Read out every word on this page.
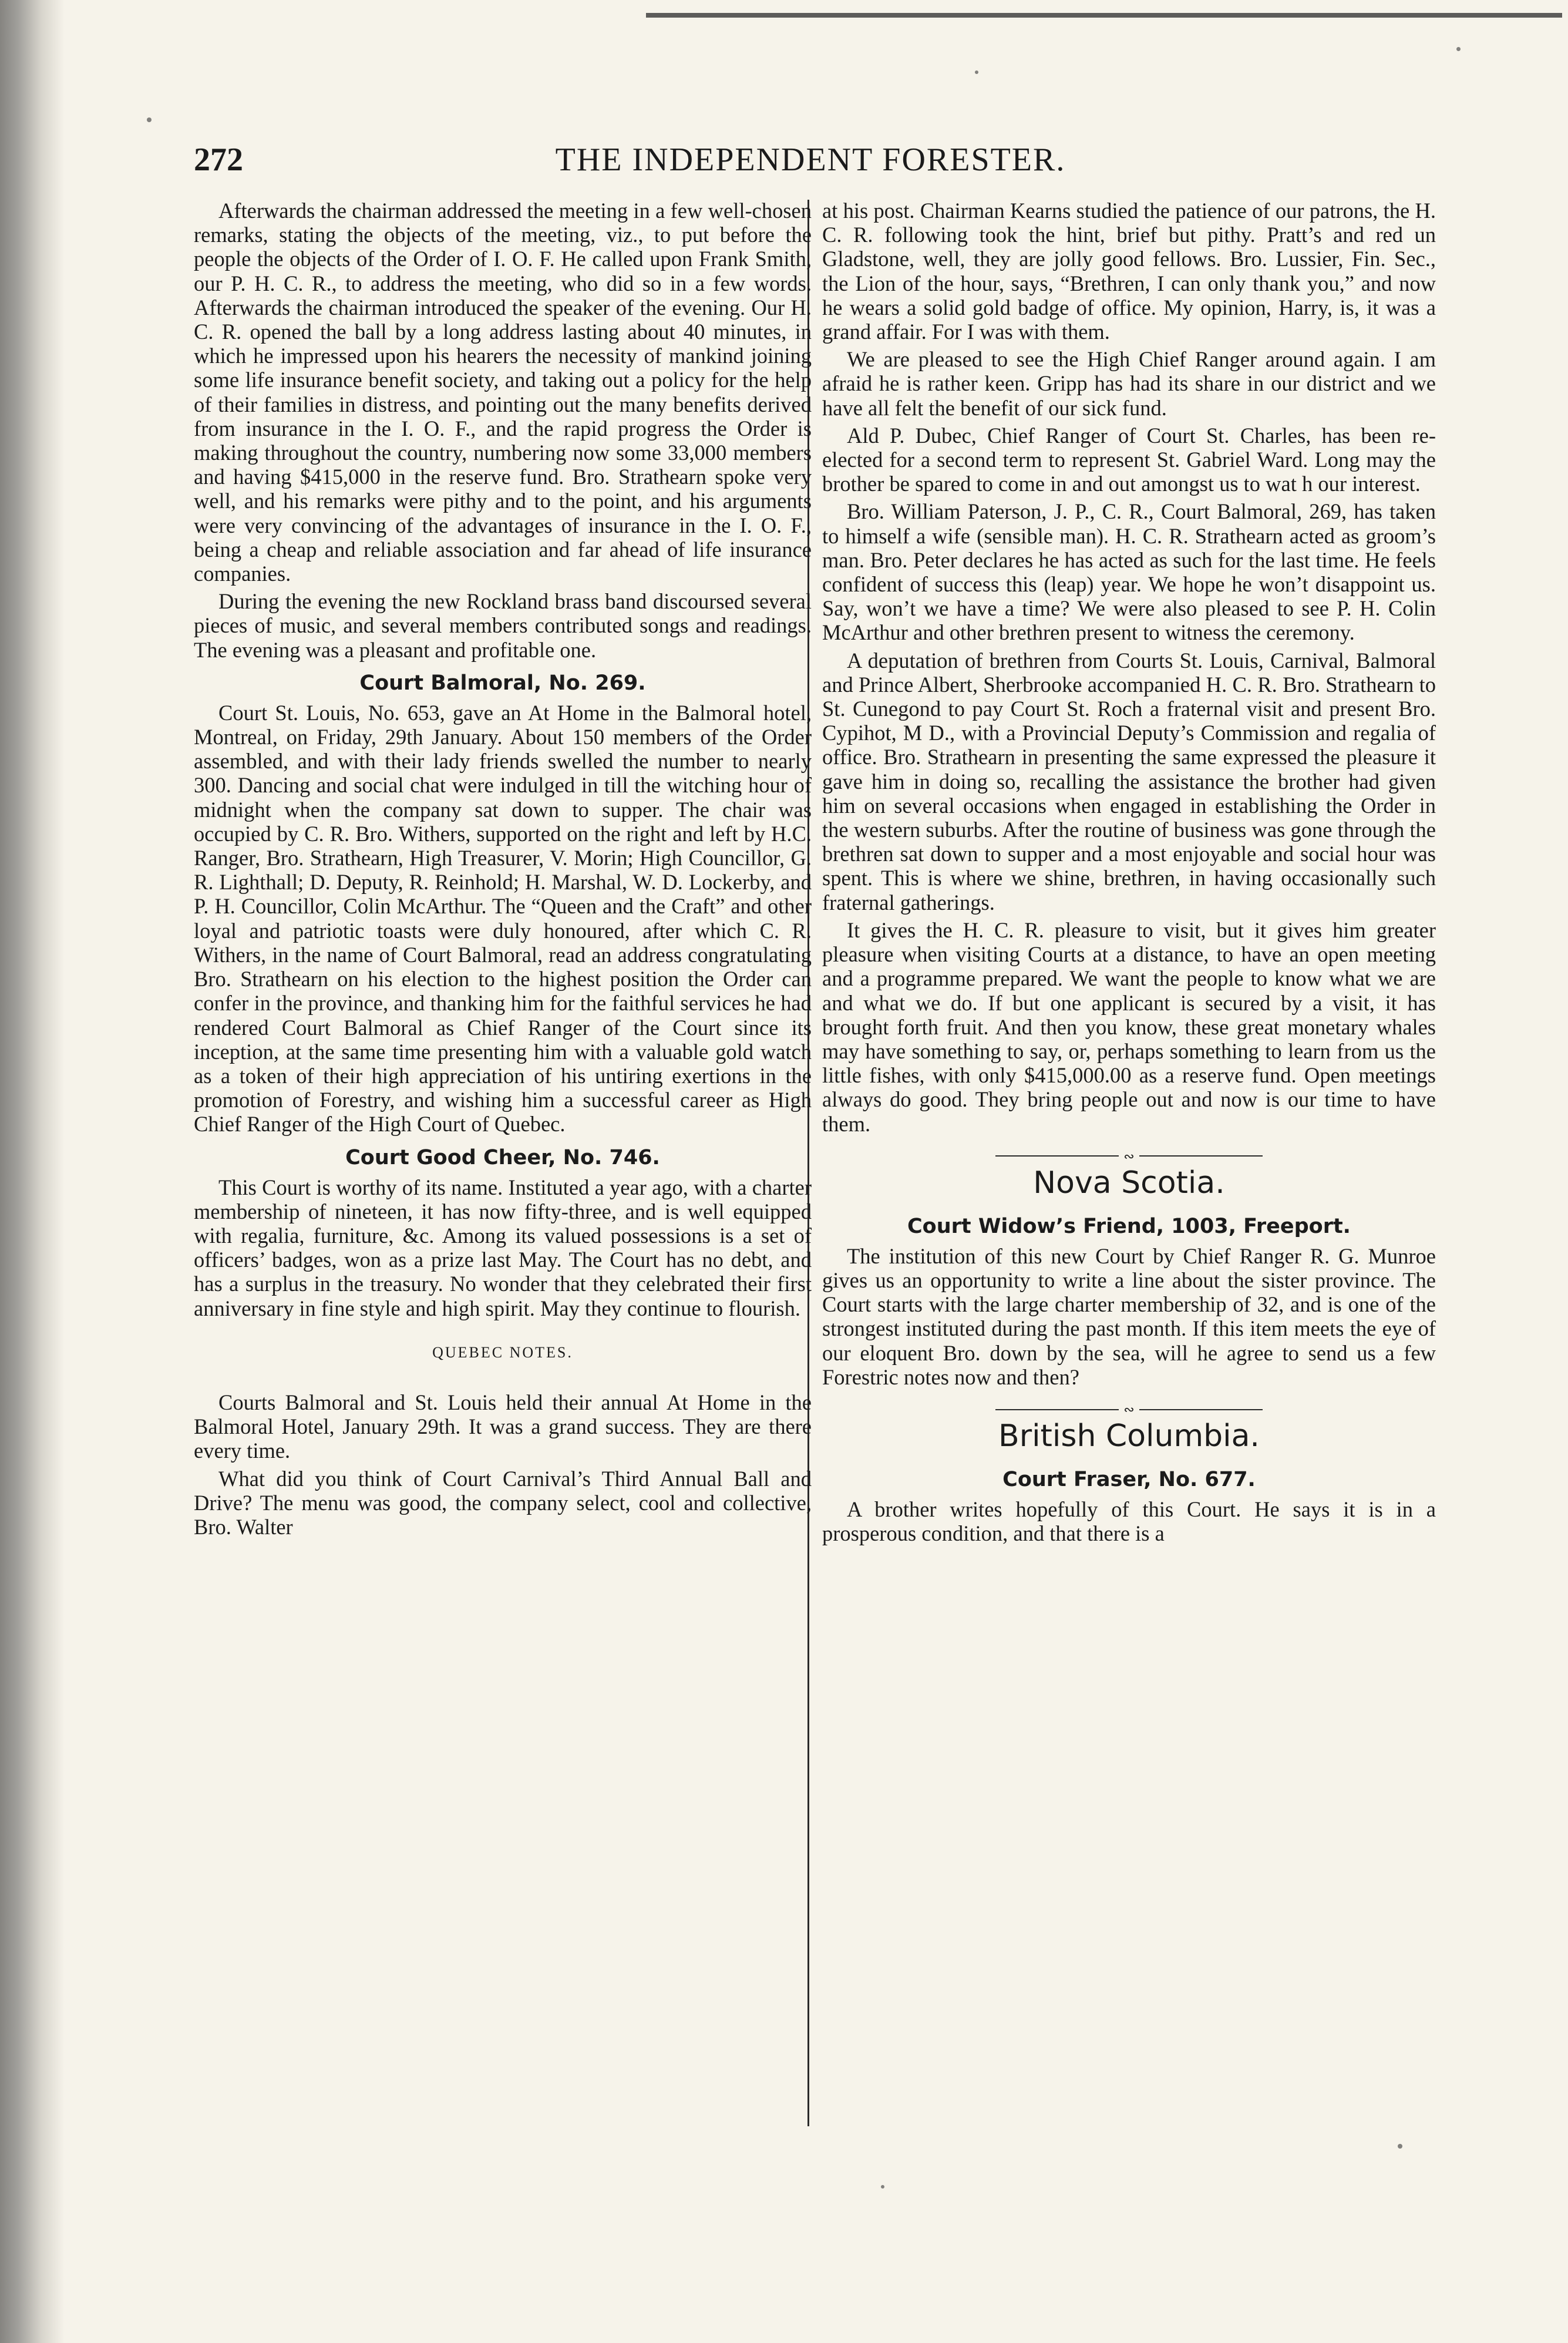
THE INDEPENDENT FORESTER.
272

Afterwards the chairman addressed the meeting in a few well-chosen remarks, stating the objects of the meeting, viz., to put before the people the objects of the Order of I. O. F. He called upon Frank Smith, our P. H. C. R., to address the meeting, who did so in a few words. Afterwards the chairman introduced the speaker of the evening. Our H. C. R. opened the ball by a long address lasting about 40 minutes, in which he impressed upon his hearers the necessity of mankind joining some life insurance benefit society, and taking out a policy for the help of their families in distress, and pointing out the many benefits derived from insurance in the I. O. F., and the rapid progress the Order is making throughout the country, numbering now some 33,000 members and having $415,000 in the reserve fund. Bro. Strathearn spoke very well, and his remarks were pithy and to the point, and his arguments were very convincing of the advantages of insurance in the I. O. F., being a cheap and reliable association and far ahead of life insurance companies.

During the evening the new Rockland brass band discoursed several pieces of music, and several members contributed songs and readings. The evening was a pleasant and profitable one.

Court Balmoral, No. 269.

Court St. Louis, No. 653, gave an At Home in the Balmoral hotel, Montreal, on Friday, 29th January. About 150 members of the Order assembled, and with their lady friends swelled the number to nearly 300. Dancing and social chat were indulged in till the witching hour of midnight when the company sat down to supper. The chair was occupied by C. R. Bro. Withers, supported on the right and left by H.C. Ranger, Bro. Strathearn, High Treasurer, V. Morin; High Councillor, G. R. Lighthall; D. Deputy, R. Reinhold; H. Marshal, W. D. Lockerby, and P. H. Councillor, Colin McArthur. The “Queen and the Craft” and other loyal and patriotic toasts were duly honoured, after which C. R. Withers, in the name of Court Balmoral, read an address congratulating Bro. Strathearn on his election to the highest position the Order can confer in the province, and thanking him for the faithful services he had rendered Court Balmoral as Chief Ranger of the Court since its inception, at the same time presenting him with a valuable gold watch as a token of their high appreciation of his untiring exertions in the promotion of Forestry, and wishing him a successful career as High Chief Ranger of the High Court of Quebec.

Court Good Cheer, No. 746.

This Court is worthy of its name. Instituted a year ago, with a charter membership of nineteen, it has now fifty-three, and is well equipped with regalia, furniture, &c. Among its valued possessions is a set of officers’ badges, won as a prize last May. The Court has no debt, and has a surplus in the treasury. No wonder that they celebrated their first anniversary in fine style and high spirit. May they continue to flourish.

QUEBEC NOTES.

Courts Balmoral and St. Louis held their annual At Home in the Balmoral Hotel, January 29th. It was a grand success. They are there every time.

What did you think of Court Carnival’s Third Annual Ball and Drive? The menu was good, the company select, cool and collective, Bro. Walter

at his post. Chairman Kearns studied the patience of our patrons, the H. C. R. following took the hint, brief but pithy. Pratt’s and red un Gladstone, well, they are jolly good fellows. Bro. Lussier, Fin. Sec., the Lion of the hour, says, “Brethren, I can only thank you,” and now he wears a solid gold badge of office. My opinion, Harry, is, it was a grand affair. For I was with them.

We are pleased to see the High Chief Ranger around again. I am afraid he is rather keen. Gripp has had its share in our district and we have all felt the benefit of our sick fund.

Ald P. Dubec, Chief Ranger of Court St. Charles, has been re-elected for a second term to represent St. Gabriel Ward. Long may the brother be spared to come in and out amongst us to wat h our interest.

Bro. William Paterson, J. P., C. R., Court Balmoral, 269, has taken to himself a wife (sensible man). H. C. R. Strathearn acted as groom’s man. Bro. Peter declares he has acted as such for the last time. He feels confident of success this (leap) year. We hope he won’t disappoint us. Say, won’t we have a time? We were also pleased to see P. H. Colin McArthur and other brethren present to witness the ceremony.

A deputation of brethren from Courts St. Louis, Carnival, Balmoral and Prince Albert, Sherbrooke accompanied H. C. R. Bro. Strathearn to St. Cunegond to pay Court St. Roch a fraternal visit and present Bro. Cypihot, M D., with a Provincial Deputy’s Commission and regalia of office. Bro. Strathearn in presenting the same expressed the pleasure it gave him in doing so, recalling the assistance the brother had given him on several occasions when engaged in establishing the Order in the western suburbs. After the routine of business was gone through the brethren sat down to supper and a most enjoyable and social hour was spent. This is where we shine, brethren, in having occasionally such fraternal gatherings.

It gives the H. C. R. pleasure to visit, but it gives him greater pleasure when visiting Courts at a distance, to have an open meeting and a programme prepared. We want the people to know what we are and what we do. If but one applicant is secured by a visit, it has brought forth fruit. And then you know, these great monetary whales may have something to say, or, perhaps something to learn from us the little fishes, with only $415,000.00 as a reserve fund. Open meetings always do good. They bring people out and now is our time to have them.

∾
Nova Scotia.
Court Widow’s Friend, 1003, Freeport.

The institution of this new Court by Chief Ranger R. G. Munroe gives us an opportunity to write a line about the sister province. The Court starts with the large charter membership of 32, and is one of the strongest instituted during the past month. If this item meets the eye of our eloquent Bro. down by the sea, will he agree to send us a few Forestric notes now and then?

∾
British Columbia.
Court Fraser, No. 677.

A brother writes hopefully of this Court. He says it is in a prosperous condition, and that there is a
